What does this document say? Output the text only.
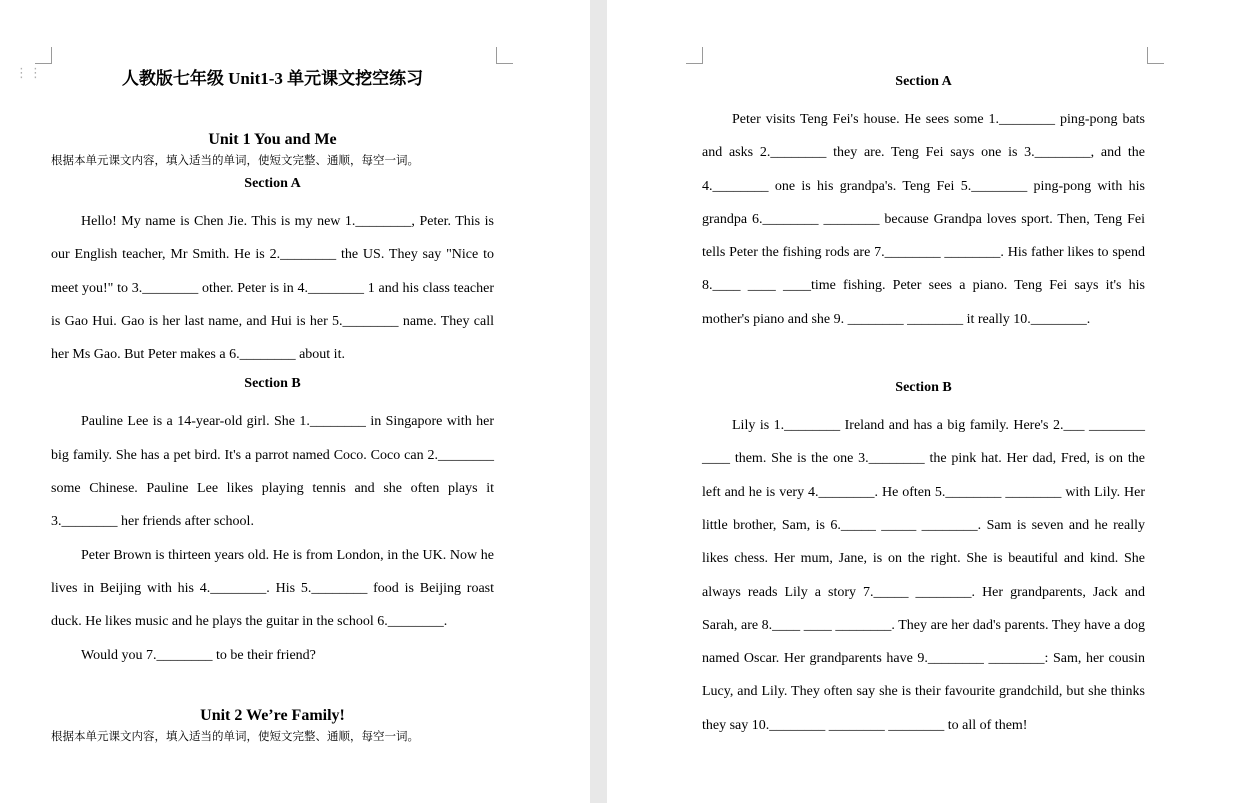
⋮⋮	人教版七年级 Unit1-3 单元课文挖空练习
Unit 1 You and Me
根据本单元课文内容，填入适当的单词，使短文完整、通顺，每空一词。
Section A

Hello! My name is Chen Jie. This is my new 1.________, Peter. This is our English teacher, Mr Smith. He is 2.________ the US. They say "Nice to meet you!" to 3.________ other. Peter is in 4.________ 1 and his class teacher is Gao Hui. Gao is her last name, and Hui is her 5.________ name. They call her Ms Gao. But Peter makes a 6.________ about it.

Section B

Pauline Lee is a 14-year-old girl. She 1.________ in Singapore with her big family. She has a pet bird. It's a parrot named Coco. Coco can 2.________ some Chinese. Pauline Lee likes playing tennis and she often plays it 3.________ her friends after school.

Peter Brown is thirteen years old. He is from London, in the UK. Now he lives in Beijing with his 4.________. His 5.________ food is Beijing roast duck. He likes music and he plays the guitar in the school 6.________.

Would you 7.________ to be their friend?

Unit 2 We’re Family!
根据本单元课文内容，填入适当的单词，使短文完整、通顺，每空一词。
Section A

Peter visits Teng Fei's house. He sees some 1.________ ping-pong bats and asks 2.________ they are. Teng Fei says one is 3.________, and the 4.________ one is his grandpa's. Teng Fei 5.________ ping-pong with his grandpa 6.________ ________ because Grandpa loves sport. Then, Teng Fei tells Peter the fishing rods are 7.________ ________. His father likes to spend 8.____ ____ ____time fishing. Peter sees a piano. Teng Fei says it's his mother's piano and she 9. ________ ________ it really 10.________.

Section B

Lily is 1.________ Ireland and has a big family. Here's 2.___ ________ ____ them. She is the one 3.________ the pink hat. Her dad, Fred, is on the left and he is very 4.________. He often 5.________ ________ with Lily. Her little brother, Sam, is 6._____ _____ ________. Sam is seven and he really likes chess. Her mum, Jane, is on the right. She is beautiful and kind. She always reads Lily a story 7._____ ________. Her grandparents, Jack and Sarah, are 8.____ ____ ________. They are her dad's parents. They have a dog named Oscar. Her grandparents have 9.________ ________: Sam, her cousin Lucy, and Lily. They often say she is their favourite grandchild, but she thinks they say 10.________ ________ ________ to all of them!
